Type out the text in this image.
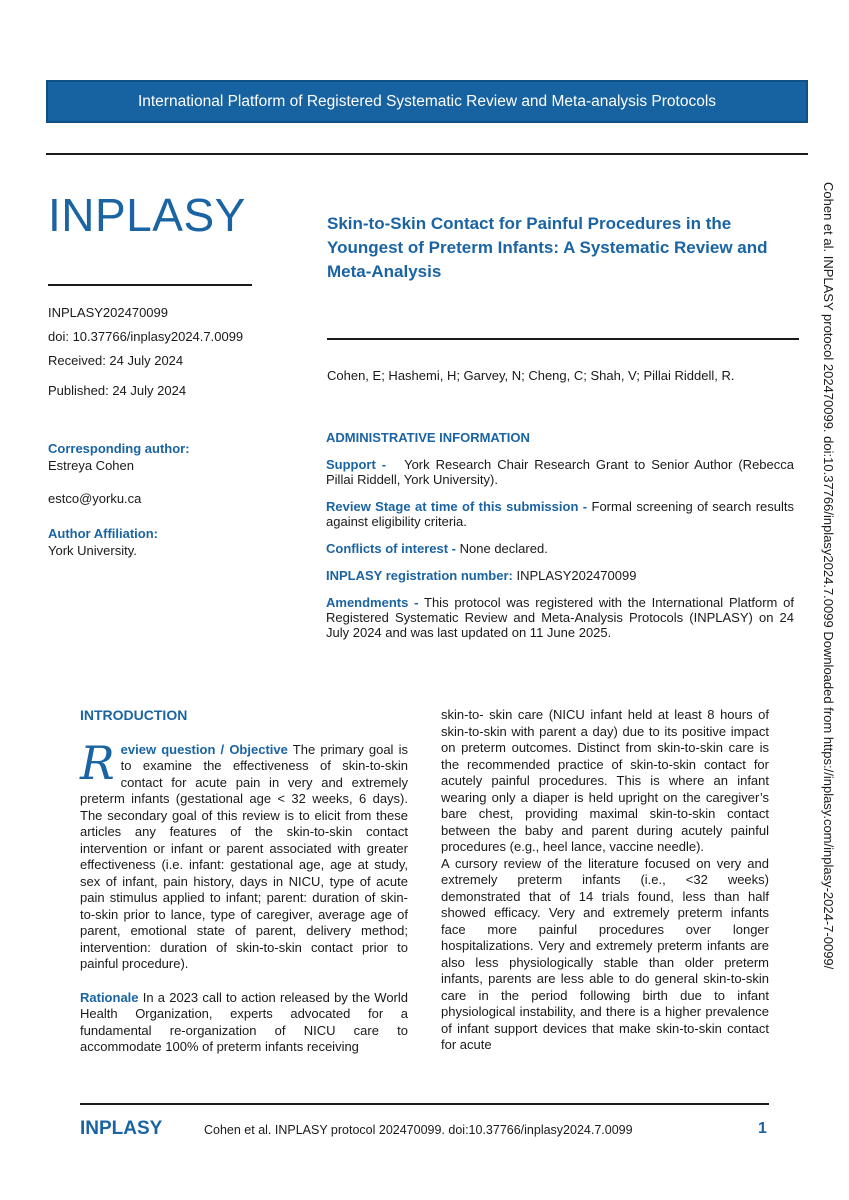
International Platform of Registered Systematic Review and Meta-analysis Protocols
INPLASY	Skin-to-Skin Contact for Painful Procedures in the Youngest of Preterm Infants: A Systematic Review and Meta-Analysis
INPLASY202470099
doi: 10.37766/inplasy2024.7.0099
Received: 24 July 2024
Published: 24 July 2024
Cohen, E; Hashemi, H; Garvey, N; Cheng, C; Shah, V; Pillai Riddell, R.
Corresponding author:
Estreya Cohen
estco@yorku.ca
Author Affiliation:
York University.
ADMINISTRATIVE INFORMATION

Support - York Research Chair Research Grant to Senior Author (Rebecca Pillai Riddell, York University).

Review Stage at time of this submission - Formal screening of search results against eligibility criteria.

Conflicts of interest - None declared.

INPLASY registration number: INPLASY202470099

Amendments - This protocol was registered with the International Platform of Registered Systematic Review and Meta-Analysis Protocols (INPLASY) on 24 July 2024 and was last updated on 11 June 2025.

INTRODUCTION

Review question / Objective The primary goal is to examine the effectiveness of skin-to-skin contact for acute pain in very and extremely preterm infants (gestational age < 32 weeks, 6 days). The secondary goal of this review is to elicit from these articles any features of the skin-to-skin contact intervention or infant or parent associated with greater effectiveness (i.e. infant: gestational age, age at study, sex of infant, pain history, days in NICU, type of acute pain stimulus applied to infant; parent: duration of skin-to-skin prior to lance, type of caregiver, average age of parent, emotional state of parent, delivery method; intervention: duration of skin-to-skin contact prior to painful procedure).

Rationale In a 2023 call to action released by the World Health Organization, experts advocated for a fundamental re-organization of NICU care to accommodate 100% of preterm infants receiving

skin-to- skin care (NICU infant held at least 8 hours of skin-to-skin with parent a day) due to its positive impact on preterm outcomes. Distinct from skin-to-skin care is the recommended practice of skin-to-skin contact for acutely painful procedures. This is where an infant wearing only a diaper is held upright on the caregiver’s bare chest, providing maximal skin-to-skin contact between the baby and parent during acutely painful procedures (e.g., heel lance, vaccine needle).

A cursory review of the literature focused on very and extremely preterm infants (i.e., <32 weeks) demonstrated that of 14 trials found, less than half showed efficacy. Very and extremely preterm infants face more painful procedures over longer hospitalizations. Very and extremely preterm infants are also less physiologically stable than older preterm infants, parents are less able to do general skin-to-skin care in the period following birth due to infant physiological instability, and there is a higher prevalence of infant support devices that make skin-to-skin contact for acute

Cohen et al. INPLASY protocol 202470099. doi:10.37766/inplasy2024.7.0099 Downloaded from https://inplasy.com/inplasy-2024-7-0099/
INPLASY	Cohen et al. INPLASY protocol 202470099. doi:10.37766/inplasy2024.7.0099	1
